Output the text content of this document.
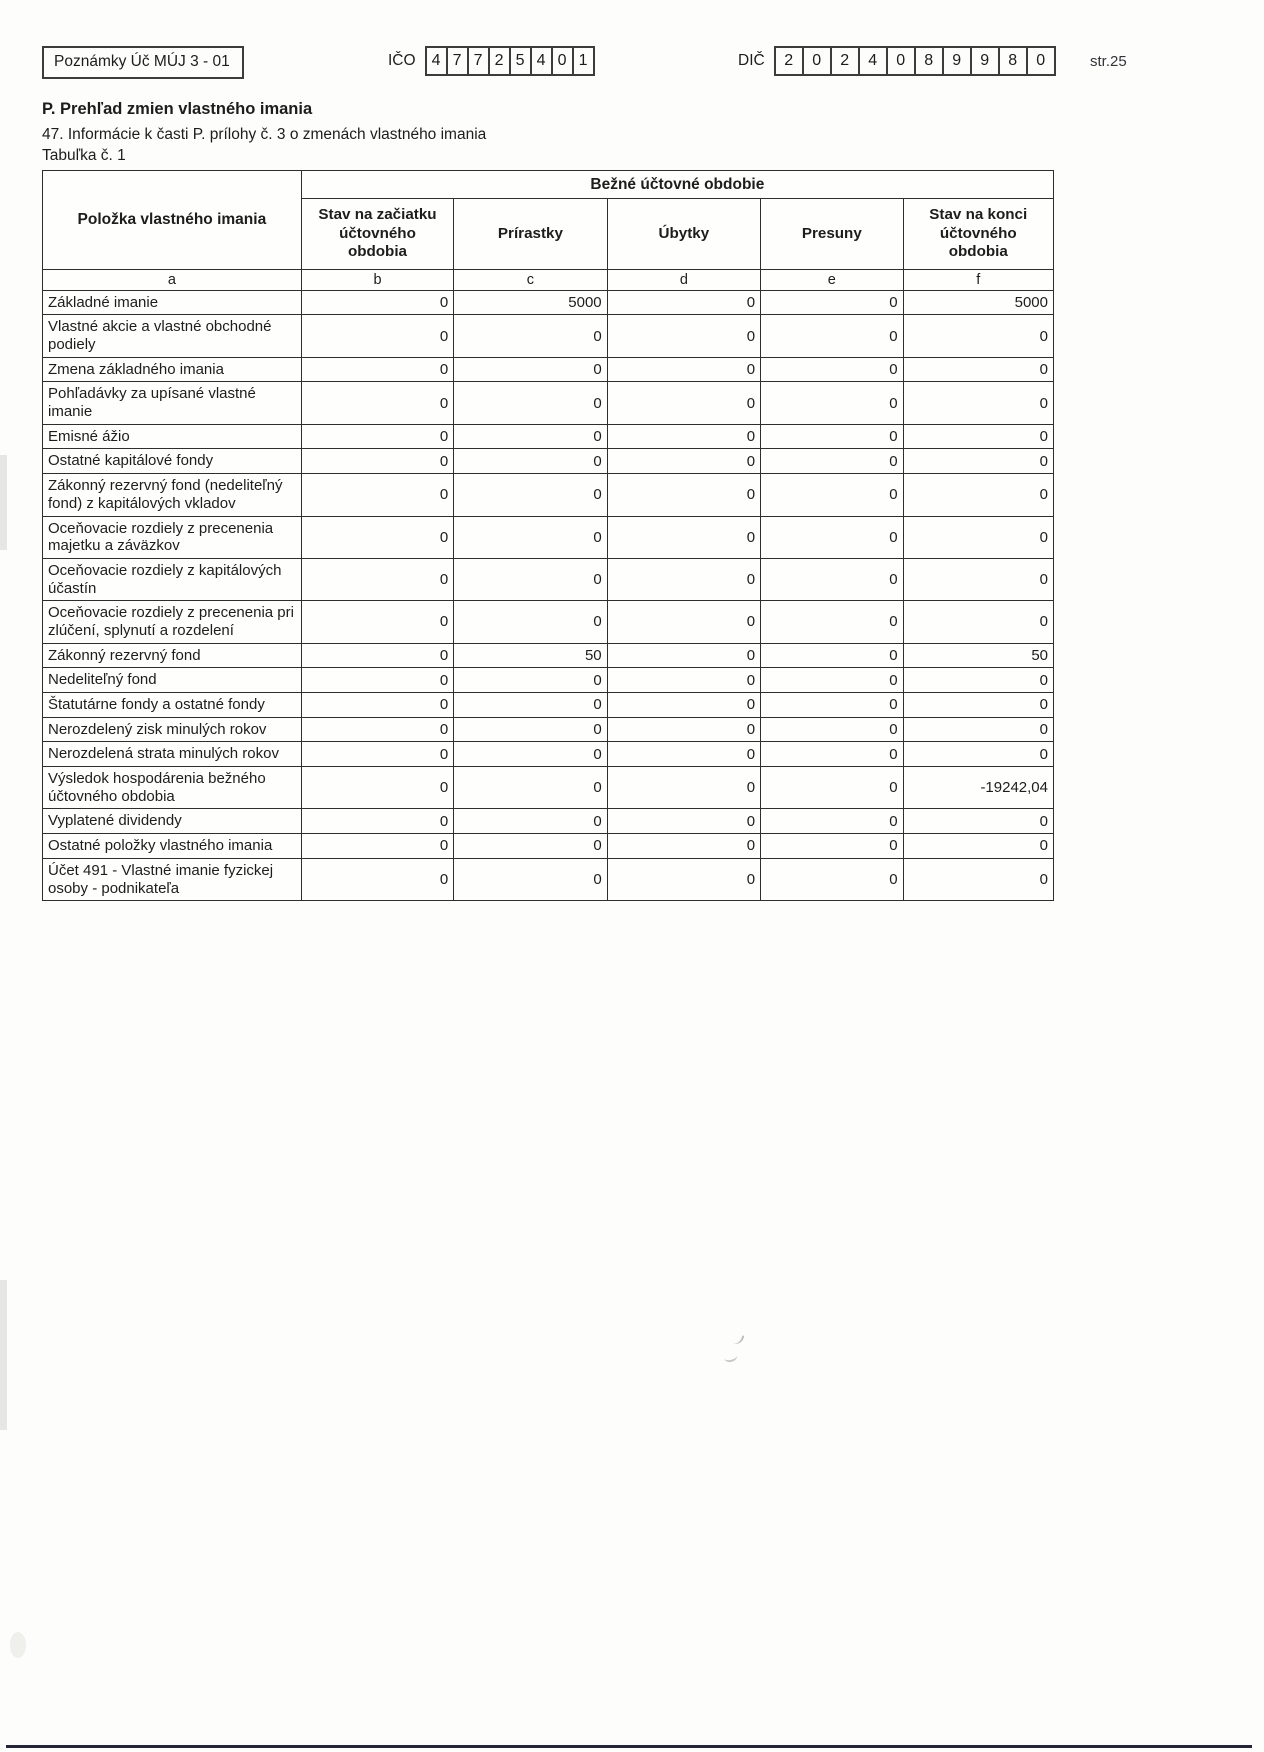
Poznámky Úč MÚJ 3 - 01	IČO	4 7 7 2 5 4 0 1	DIČ	2	0	2	4	0	8	9	9	8	0	str.25
P. Prehľad zmien vlastného imania
47. Informácie k časti P. prílohy č. 3 o zmenách vlastného imania
Tabuľka č. 1
Položka vlastného imania	Bežné účtovné obdobie				
	Stav na začiatku účtovného obdobia	Prírastky	Úbytky	Presuny	Stav na konci účtovného obdobia
a	b	c	d	e	f
Základné imanie	0	5000	0	0	5000
Vlastné akcie a vlastné obchodné podiely	0	0	0	0	0
Zmena základného imania	0	0	0	0	0
Pohľadávky za upísané vlastné imanie	0	0	0	0	0
Emisné ážio	0	0	0	0	0
Ostatné kapitálové fondy	0	0	0	0	0
Zákonný rezervný fond (nedeliteľný fond) z kapitálových vkladov	0	0	0	0	0
Oceňovacie rozdiely z precenenia majetku a záväzkov	0	0	0	0	0
Oceňovacie rozdiely z kapitálových účastín	0	0	0	0	0
Oceňovacie rozdiely z precenenia pri zlúčení, splynutí a rozdelení	0	0	0	0	0
Zákonný rezervný fond	0	50	0	0	50
Nedeliteľný fond	0	0	0	0	0
Štatutárne fondy a ostatné fondy	0	0	0	0	0
Nerozdelený zisk minulých rokov	0	0	0	0	0
Nerozdelená strata minulých rokov	0	0	0	0	0
Výsledok hospodárenia bežného účtovného obdobia	0	0	0	0	-19242,04
Vyplatené dividendy	0	0	0	0	0
Ostatné položky vlastného imania	0	0	0	0	0
Účet 491 - Vlastné imanie fyzickej osoby - podnikateľa	0	0	0	0	0
